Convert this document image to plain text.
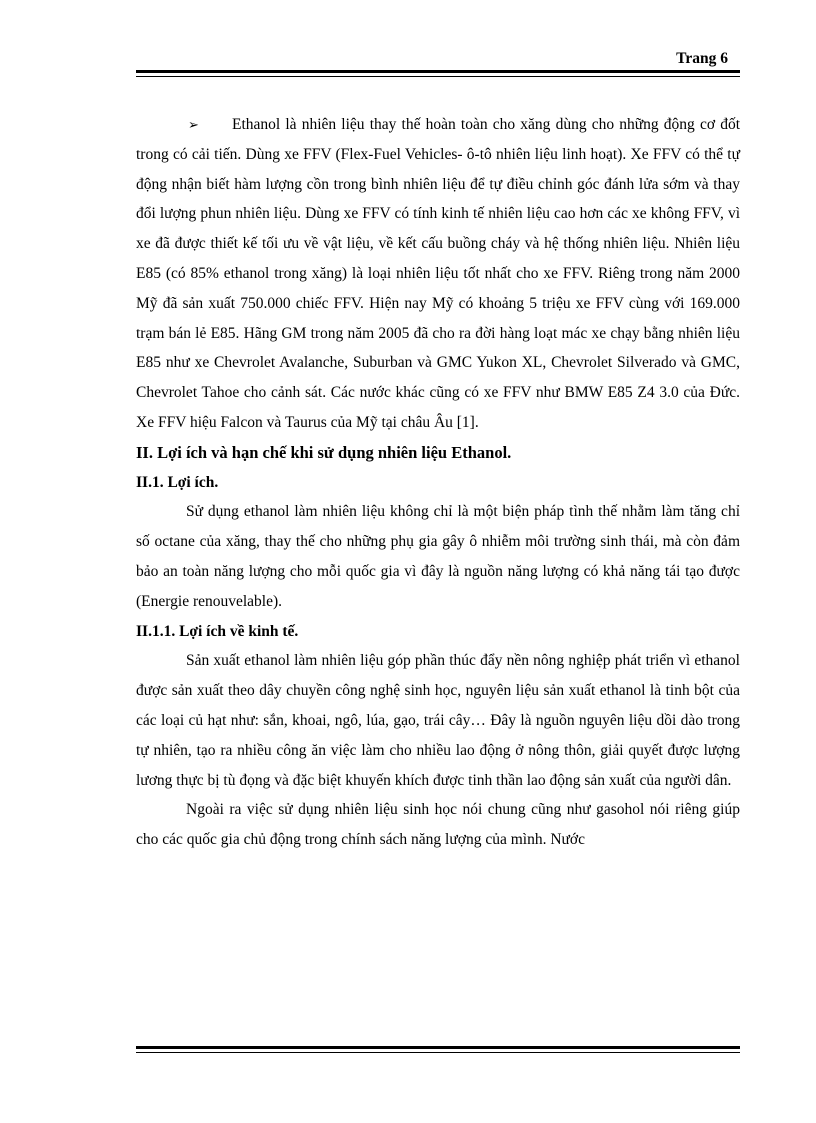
Trang 6

➢ Ethanol là nhiên liệu thay thế hoàn toàn cho xăng dùng cho những động cơ đốt trong có cải tiến. Dùng xe FFV (Flex-Fuel Vehicles- ô-tô nhiên liệu linh hoạt). Xe FFV có thể tự động nhận biết hàm lượng cồn trong bình nhiên liệu để tự điều chỉnh góc đánh lửa sớm và thay đổi lượng phun nhiên liệu. Dùng xe FFV có tính kinh tế nhiên liệu cao hơn các xe không FFV, vì xe đã được thiết kế tối ưu về vật liệu, về kết cấu buồng cháy và hệ thống nhiên liệu. Nhiên liệu E85 (có 85% ethanol trong xăng) là loại nhiên liệu tốt nhất cho xe FFV. Riêng trong năm 2000 Mỹ đã sản xuất 750.000 chiếc FFV. Hiện nay Mỹ có khoảng 5 triệu xe FFV cùng với 169.000 trạm bán lẻ E85. Hãng GM trong năm 2005 đã cho ra đời hàng loạt mác xe chạy bằng nhiên liệu E85 như xe Chevrolet Avalanche, Suburban và GMC Yukon XL, Chevrolet Silverado và GMC, Chevrolet Tahoe cho cảnh sát. Các nước khác cũng có xe FFV như BMW E85 Z4 3.0 của Đức. Xe FFV hiệu Falcon và Taurus của Mỹ tại châu Âu [1].

II. Lợi ích và hạn chế khi sử dụng nhiên liệu Ethanol.
II.1. Lợi ích.

Sử dụng ethanol làm nhiên liệu không chỉ là một biện pháp tình thế nhằm làm tăng chỉ số octane của xăng, thay thế cho những phụ gia gây ô nhiễm môi trường sinh thái, mà còn đảm bảo an toàn năng lượng cho mỗi quốc gia vì đây là nguồn năng lượng có khả năng tái tạo được (Energie renouvelable).

II.1.1. Lợi ích về kinh tế.

Sản xuất ethanol làm nhiên liệu góp phần thúc đẩy nền nông nghiệp phát triển vì ethanol được sản xuất theo dây chuyền công nghệ sinh học, nguyên liệu sản xuất ethanol là tinh bột của các loại củ hạt như: sắn, khoai, ngô, lúa, gạo, trái cây… Đây là nguồn nguyên liệu dồi dào trong tự nhiên, tạo ra nhiều công ăn việc làm cho nhiều lao động ở nông thôn, giải quyết được lượng lương thực bị tù đọng và đặc biệt khuyến khích được tinh thần lao động sản xuất của người dân.

Ngoài ra việc sử dụng nhiên liệu sinh học nói chung cũng như gasohol nói riêng giúp cho các quốc gia chủ động trong chính sách năng lượng của mình. Nước
